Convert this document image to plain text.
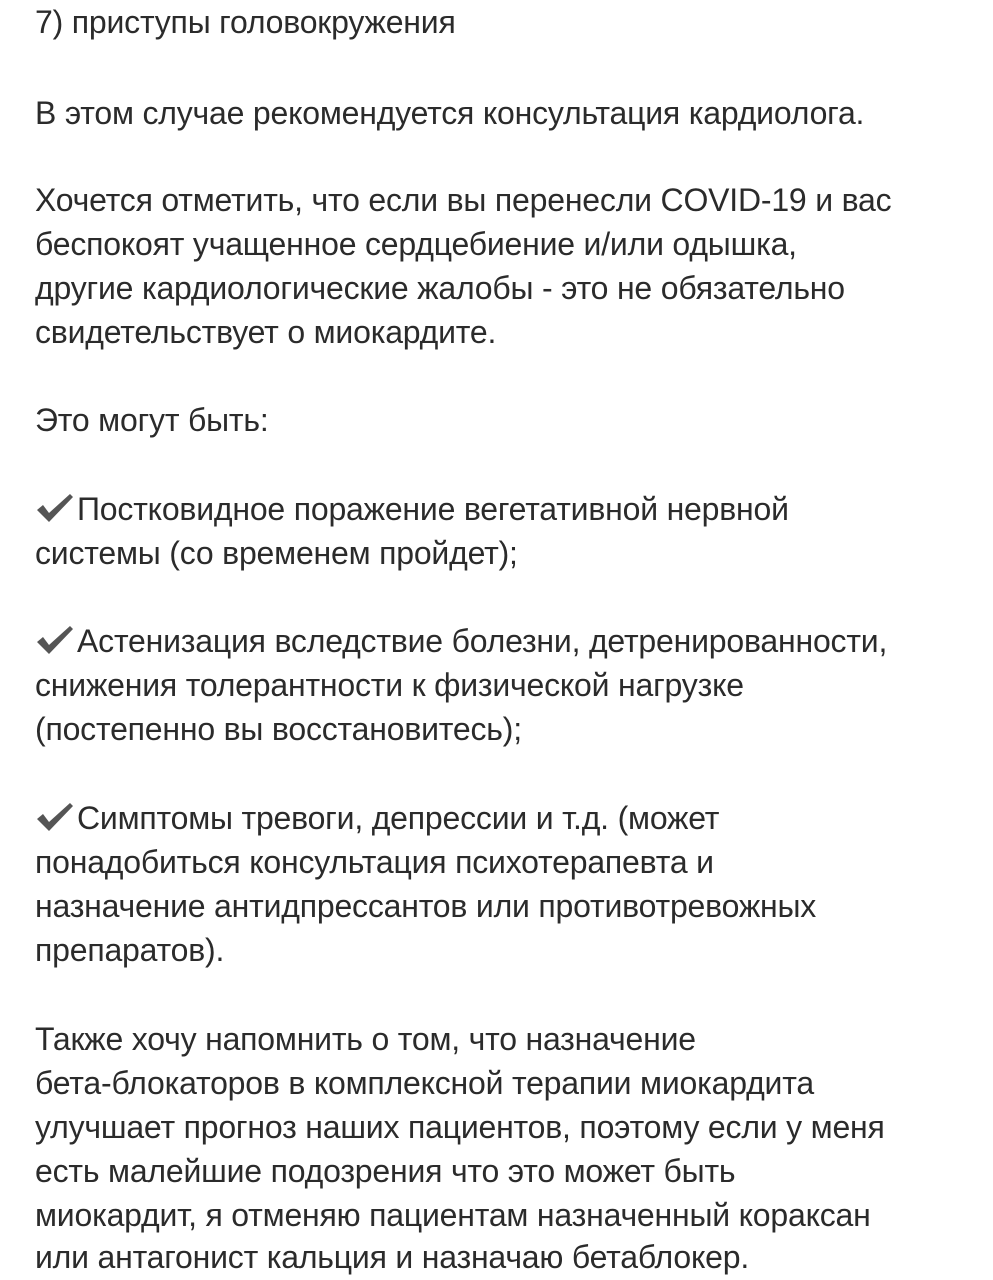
7) приступы головокружения
В этом случае рекомендуется консультация кардиолога.
Хочется отметить, что если вы перенесли COVID-19 и вас
беспокоят учащенное сердцебиение и/или одышка,
другие кардиологические жалобы - это не обязательно
свидетельствует о миокардите.
Это могут быть:
Постковидное поражение вегетативной нервной
системы (со временем пройдет);
Астенизация вследствие болезни, детренированности,
снижения толерантности к физической нагрузке
(постепенно вы восстановитесь);
Симптомы тревоги, депрессии и т.д. (может
понадобиться консультация психотерапевта и
назначение антидпрессантов или противотревожных
препаратов).
Также хочу напомнить о том, что назначение
бета-блокаторов в комплексной терапии миокардита
улучшает прогноз наших пациентов, поэтому если у меня
есть малейшие подозрения что это может быть
миокардит, я отменяю пациентам назначенный кораксан
или антагонист кальция и назначаю бетаблокер.
